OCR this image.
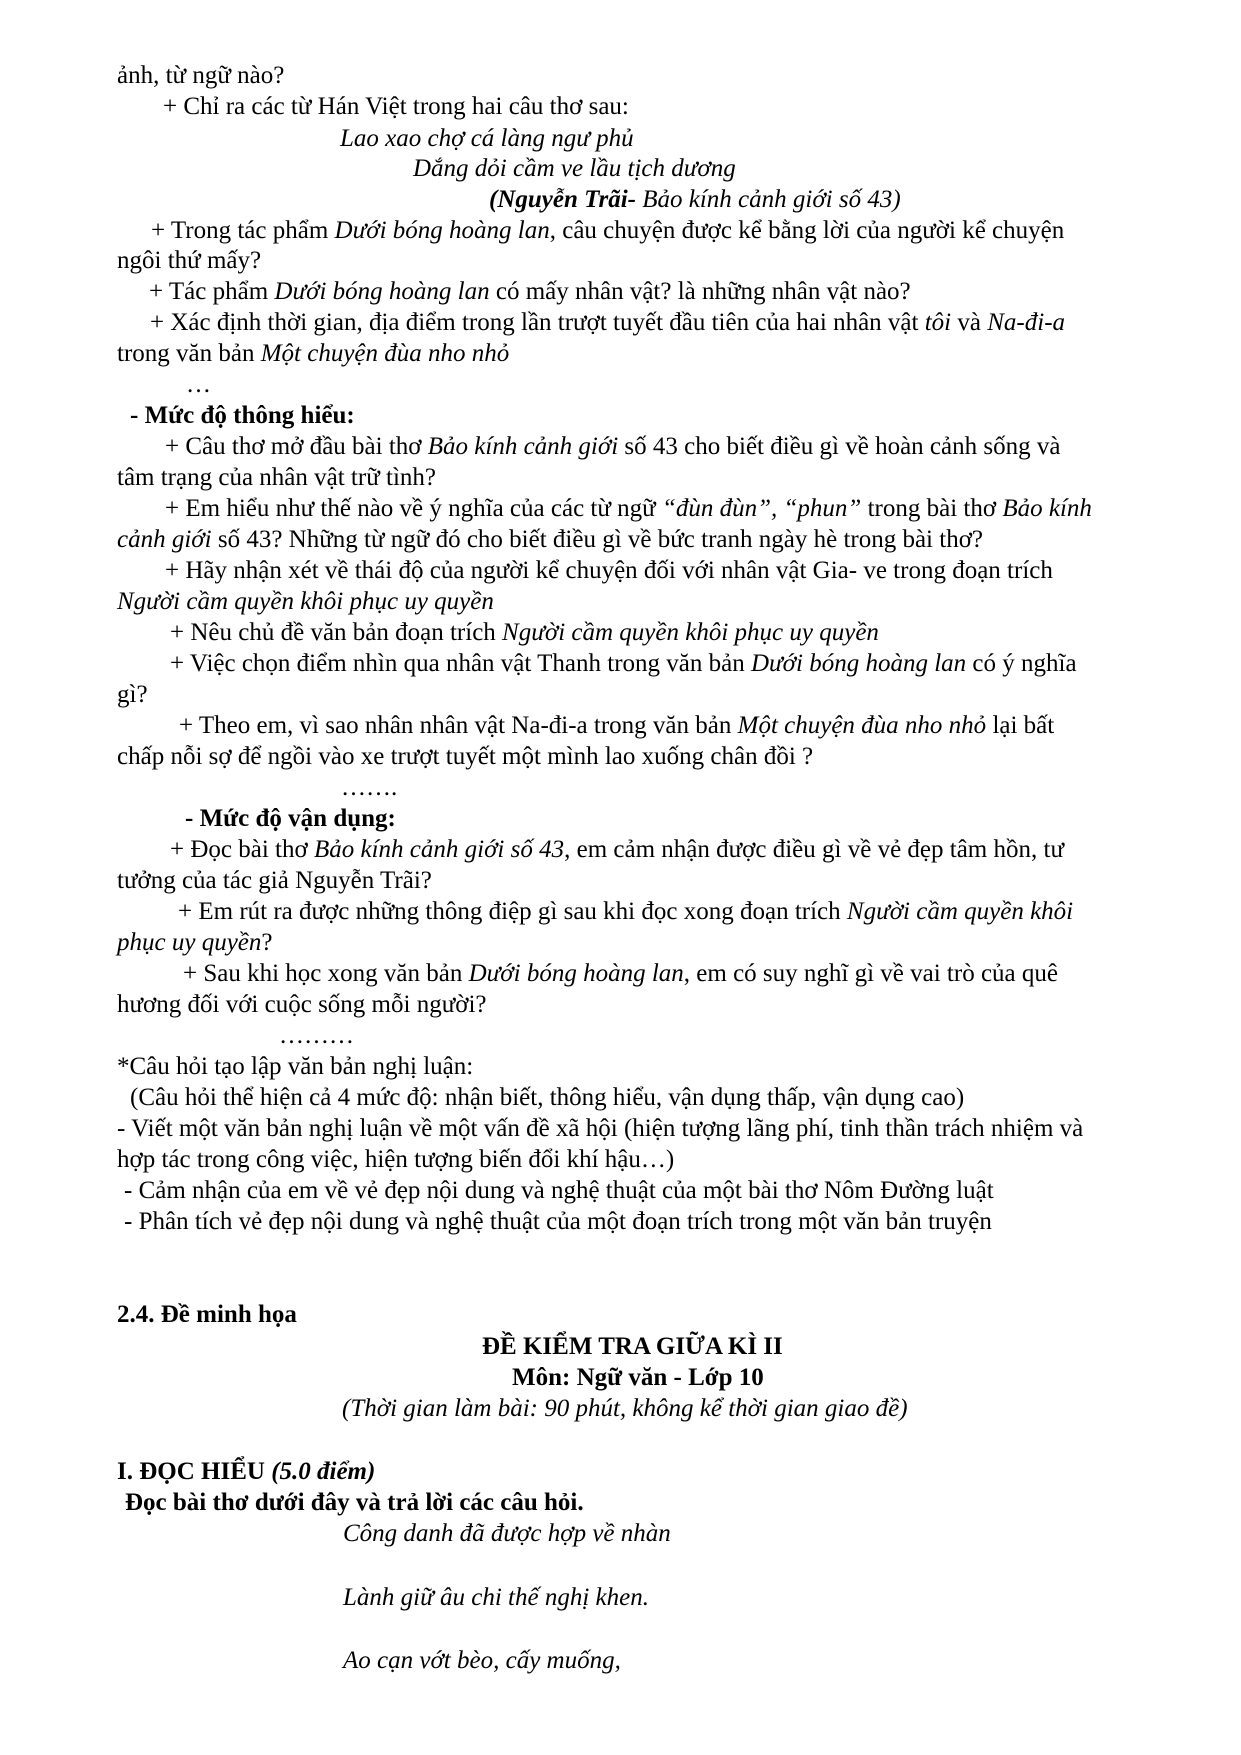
ảnh, từ ngữ nào?
+ Chỉ ra các từ Hán Việt trong hai câu thơ sau:
Lao xao chợ cá làng ngư phủ
Dắng dỏi cầm ve lầu tịch dương
(Nguyễn Trãi- Bảo kính cảnh giới số 43)
+ Trong tác phẩm Dưới bóng hoàng lan, câu chuyện được kể bằng lời của người kể chuyện
ngôi thứ mấy?
+ Tác phẩm Dưới bóng hoàng lan có mấy nhân vật? là những nhân vật nào?
+ Xác định thời gian, địa điểm trong lần trượt tuyết đầu tiên của hai nhân vật tôi và Na-đi-a
trong văn bản Một chuyện đùa nho nhỏ
…
- Mức độ thông hiểu:
+ Câu thơ mở đầu bài thơ Bảo kính cảnh giới số 43 cho biết điều gì về hoàn cảnh sống và
tâm trạng của nhân vật trữ tình?
+ Em hiểu như thế nào về ý nghĩa của các từ ngữ “đùn đùn”, “phun” trong bài thơ Bảo kính
cảnh giới số 43? Những từ ngữ đó cho biết điều gì về bức tranh ngày hè trong bài thơ?
+ Hãy nhận xét về thái độ của người kể chuyện đối với nhân vật Gia- ve trong đoạn trích
Người cầm quyền khôi phục uy quyền
+ Nêu chủ đề văn bản đoạn trích Người cầm quyền khôi phục uy quyền
+ Việc chọn điểm nhìn qua nhân vật Thanh trong văn bản Dưới bóng hoàng lan có ý nghĩa
gì?
+ Theo em, vì sao nhân nhân vật Na-đi-a trong văn bản Một chuyện đùa nho nhỏ lại bất
chấp nỗi sợ để ngồi vào xe trượt tuyết một mình lao xuống chân đồi ?
…….
- Mức độ vận dụng:
+ Đọc bài thơ Bảo kính cảnh giới số 43, em cảm nhận được điều gì về vẻ đẹp tâm hồn, tư
tưởng của tác giả Nguyễn Trãi?
+ Em rút ra được những thông điệp gì sau khi đọc xong đoạn trích Người cầm quyền khôi
phục uy quyền?
+ Sau khi học xong văn bản Dưới bóng hoàng lan, em có suy nghĩ gì về vai trò của quê
hương đối với cuộc sống mỗi người?
………
*Câu hỏi tạo lập văn bản nghị luận:
(Câu hỏi thể hiện cả 4 mức độ: nhận biết, thông hiểu, vận dụng thấp, vận dụng cao)
- Viết một văn bản nghị luận về một vấn đề xã hội (hiện tượng lãng phí, tinh thần trách nhiệm và
hợp tác trong công việc, hiện tượng biến đổi khí hậu…)
- Cảm nhận của em về vẻ đẹp nội dung và nghệ thuật của một bài thơ Nôm Đường luật
- Phân tích vẻ đẹp nội dung và nghệ thuật của một đoạn trích trong một văn bản truyện
2.4. Đề minh họa
ĐỀ KIỂM TRA GIỮA KÌ II
Môn: Ngữ văn - Lớp 10
(Thời gian làm bài: 90 phút, không kể thời gian giao đề)
I. ĐỌC HIỂU (5.0 điểm)
Đọc bài thơ dưới đây và trả lời các câu hỏi.
Công danh đã được hợp về nhàn
Lành giữ âu chi thế nghị khen.
Ao cạn vớt bèo, cấy muống,
